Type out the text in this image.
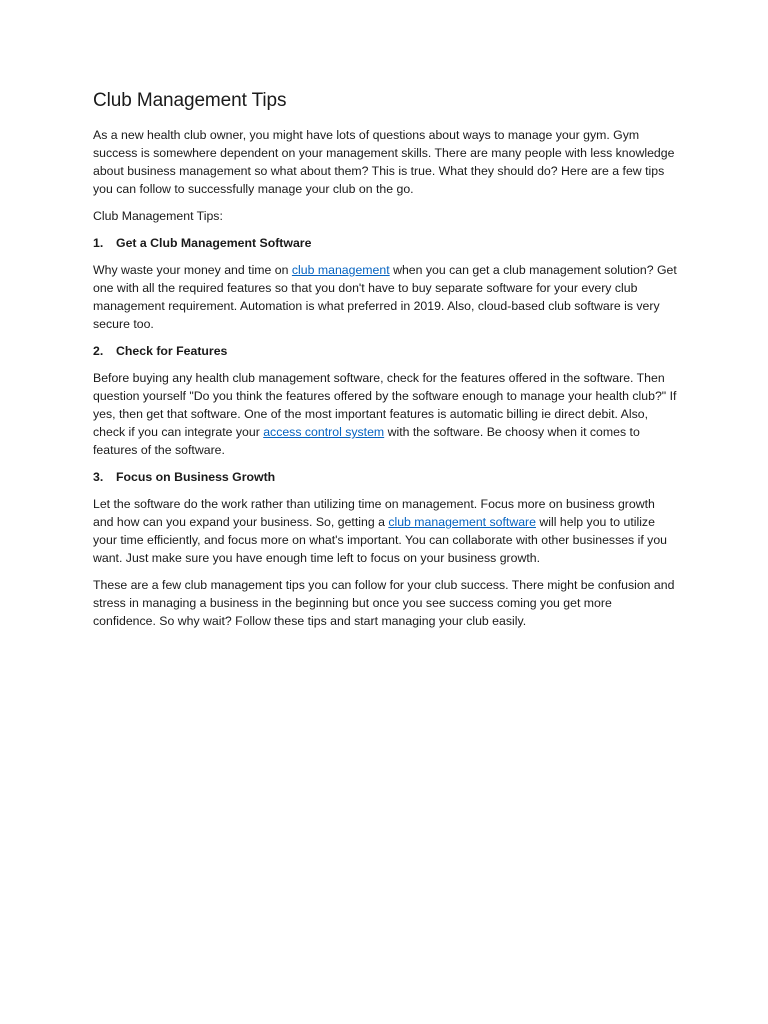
Club Management Tips

As a new health club owner, you might have lots of questions about ways to manage your gym. Gym success is somewhere dependent on your management skills. There are many people with less knowledge about business management so what about them? This is true. What they should do? Here are a few tips you can follow to successfully manage your club on the go.

Club Management Tips:

1.	Get a Club Management Software

Why waste your money and time on club management when you can get a club management solution? Get one with all the required features so that you don't have to buy separate software for your every club management requirement. Automation is what preferred in 2019. Also, cloud-based club software is very secure too.

2.	Check for Features

Before buying any health club management software, check for the features offered in the software. Then question yourself "Do you think the features offered by the software enough to manage your health club?" If yes, then get that software. One of the most important features is automatic billing ie direct debit. Also, check if you can integrate your access control system with the software. Be choosy when it comes to features of the software.

3.	Focus on Business Growth

Let the software do the work rather than utilizing time on management. Focus more on business growth and how can you expand your business. So, getting a club management software will help you to utilize your time efficiently, and focus more on what's important. You can collaborate with other businesses if you want. Just make sure you have enough time left to focus on your business growth.

These are a few club management tips you can follow for your club success. There might be confusion and stress in managing a business in the beginning but once you see success coming you get more confidence. So why wait? Follow these tips and start managing your club easily.
